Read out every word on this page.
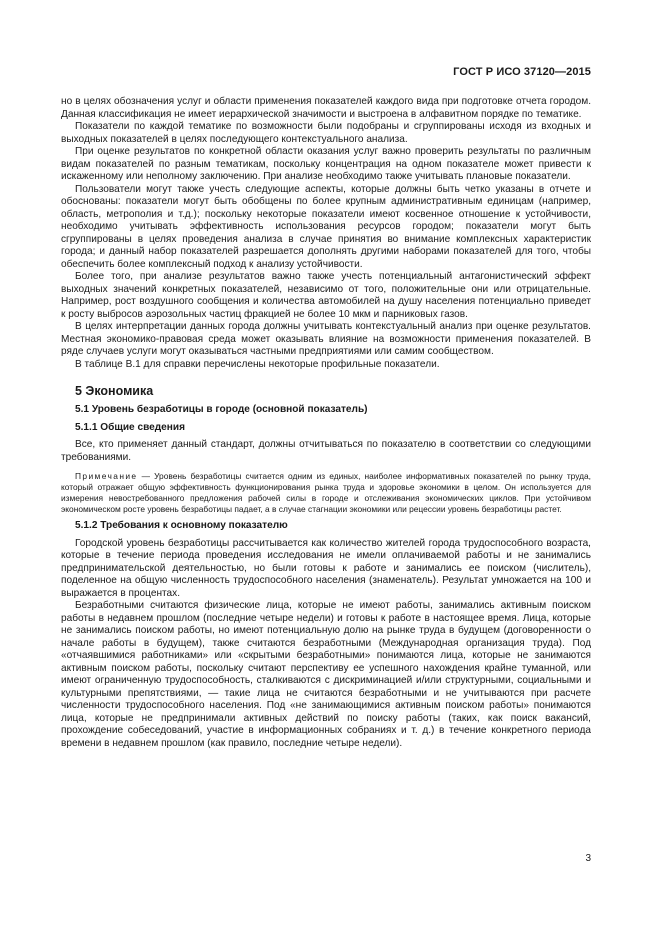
ГОСТ Р ИСО 37120—2015

но в целях обозначения услуг и области применения показателей каждого вида при подготовке отчета городом. Данная классификация не имеет иерархической значимости и выстроена в алфавитном порядке по тематике.

Показатели по каждой тематике по возможности были подобраны и сгруппированы исходя из входных и выходных показателей в целях последующего контекстуального анализа.

При оценке результатов по конкретной области оказания услуг важно проверить результаты по различным видам показателей по разным тематикам, поскольку концентрация на одном показателе может привести к искаженному или неполному заключению. При анализе необходимо также учитывать плановые показатели.

Пользователи могут также учесть следующие аспекты, которые должны быть четко указаны в отчете и обоснованы: показатели могут быть обобщены по более крупным административным единицам (например, область, метрополия и т.д.); поскольку некоторые показатели имеют косвенное отношение к устойчивости, необходимо учитывать эффективность использования ресурсов городом; показатели могут быть сгруппированы в целях проведения анализа в случае принятия во внимание комплексных характеристик города; и данный набор показателей разрешается дополнять другими наборами показателей для того, чтобы обеспечить более комплексный подход к анализу устойчивости.

Более того, при анализе результатов важно также учесть потенциальный антагонистический эффект выходных значений конкретных показателей, независимо от того, положительные они или отрицательные. Например, рост воздушного сообщения и количества автомобилей на душу населения потенциально приведет к росту выбросов аэрозольных частиц фракцией не более 10 мкм и парниковых газов.

В целях интерпретации данных города должны учитывать контекстуальный анализ при оценке результатов. Местная экономико-правовая среда может оказывать влияние на возможности применения показателей. В ряде случаев услуги могут оказываться частными предприятиями или самим сообществом.

В таблице В.1 для справки перечислены некоторые профильные показатели.

5 Экономика
5.1 Уровень безработицы в городе (основной показатель)
5.1.1 Общие сведения

Все, кто применяет данный стандарт, должны отчитываться по показателю в соответствии со следующими требованиями.

Примечание — Уровень безработицы считается одним из единых, наиболее информативных показателей по рынку труда, который отражает общую эффективность функционирования рынка труда и здоровье экономики в целом. Он используется для измерения невостребованного предложения рабочей силы в городе и отслеживания экономических циклов. При устойчивом экономическом росте уровень безработицы падает, а в случае стагнации экономики или рецессии уровень безработицы растет.
5.1.2 Требования к основному показателю

Городской уровень безработицы рассчитывается как количество жителей города трудоспособного возраста, которые в течение периода проведения исследования не имели оплачиваемой работы и не занимались предпринимательской деятельностью, но были готовы к работе и занимались ее поиском (числитель), поделенное на общую численность трудоспособного населения (знаменатель). Результат умножается на 100 и выражается в процентах.

Безработными считаются физические лица, которые не имеют работы, занимались активным поиском работы в недавнем прошлом (последние четыре недели) и готовы к работе в настоящее время. Лица, которые не занимались поиском работы, но имеют потенциальную долю на рынке труда в будущем (договоренности о начале работы в будущем), также считаются безработными (Международная организация труда). Под «отчаявшимися работниками» или «скрытыми безработными» понимаются лица, которые не занимаются активным поиском работы, поскольку считают перспективу ее успешного нахождения крайне туманной, или имеют ограниченную трудоспособность, сталкиваются с дискриминацией и/или структурными, социальными и культурными препятствиями, — такие лица не считаются безработными и не учитываются при расчете численности трудоспособного населения. Под «не занимающимися активным поиском работы» понимаются лица, которые не предпринимали активных действий по поиску работы (таких, как поиск вакансий, прохождение собеседований, участие в информационных собраниях и т. д.) в течение конкретного периода времени в недавнем прошлом (как правило, последние четыре недели).

3
